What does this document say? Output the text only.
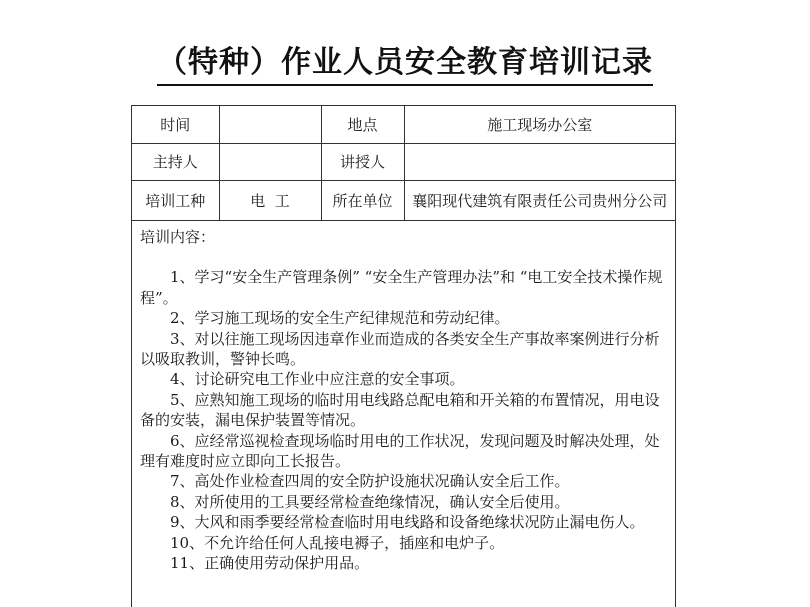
（特种）作业人员安全教育培训记录
时间		地点	施工现场办公室
主持人		讲授人	
培训工种	电  工	所在单位	襄阳现代建筑有限责任公司贵州分公司
培训内容：

1、学习“安全生产管理条例” “安全生产管理办法”和 “电工安全技术操作规程”。

2、学习施工现场的安全生产纪律规范和劳动纪律。

3、对以往施工现场因违章作业而造成的各类安全生产事故率案例进行分析以吸取教训，警钟长鸣。

4、讨论研究电工作业中应注意的安全事项。

5、应熟知施工现场的临时用电线路总配电箱和开关箱的布置情况，用电设备的安装，漏电保护装置等情况。

6、应经常巡视检查现场临时用电的工作状况，发现问题及时解决处理，处理有难度时应立即向工长报告。

7、高处作业检查四周的安全防护设施状况确认安全后工作。

8、对所使用的工具要经常检查绝缘情况，确认安全后使用。

9、大风和雨季要经常检查临时用电线路和设备绝缘状况防止漏电伤人。

10、不允许给任何人乱接电褥子，插座和电炉子。

11、正确使用劳动保护用品。
